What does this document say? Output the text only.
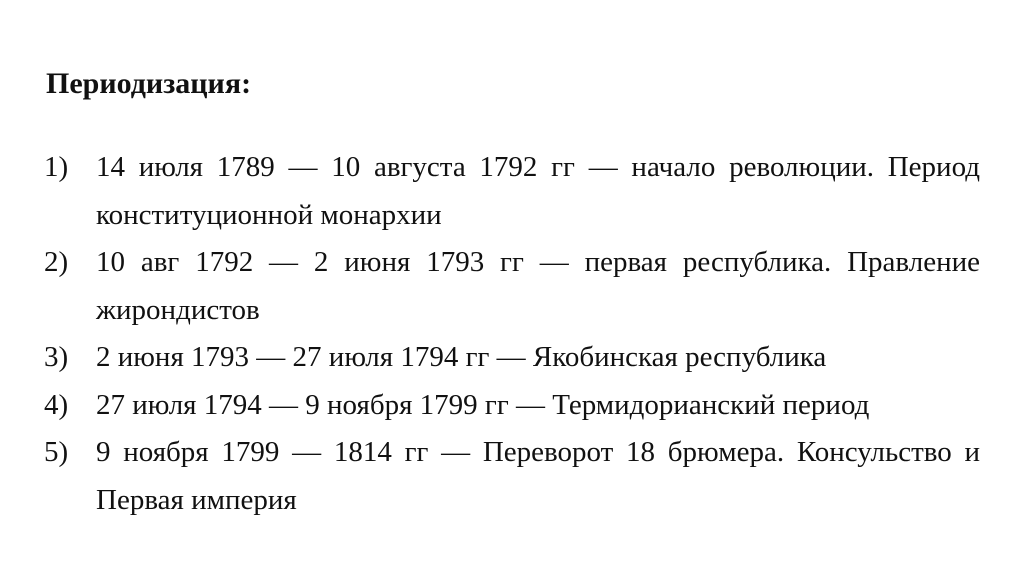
Периодизация:
1) 14 июля 1789 — 10 августа 1792 гг — начало революции. Период конституционной монархии
2) 10 авг 1792 — 2 июня 1793 гг — первая республика. Правление жирондистов
3) 2 июня 1793 — 27 июля 1794 гг — Якобинская республика
4) 27 июля 1794 — 9 ноября 1799 гг — Термидорианский период
5) 9 ноября 1799 — 1814 гг — Переворот 18 брюмера. Консульство и Первая империя
